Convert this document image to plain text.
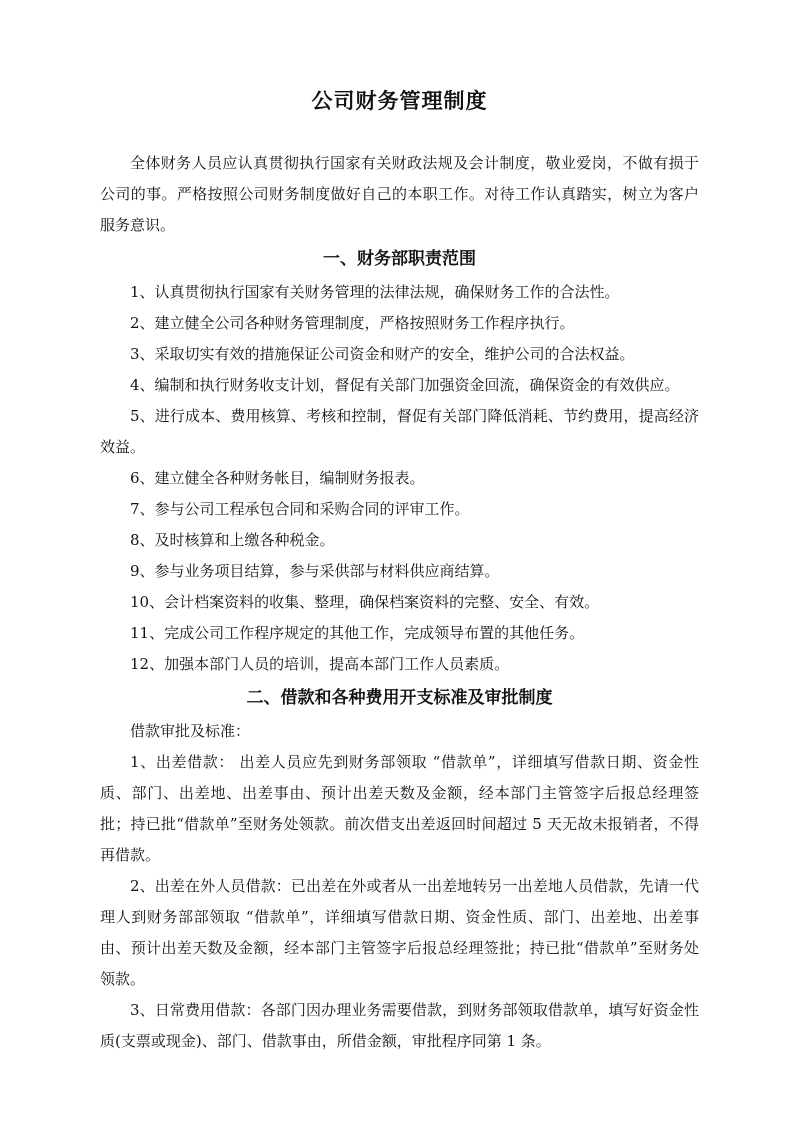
公司财务管理制度

全体财务人员应认真贯彻执行国家有关财政法规及会计制度，敬业爱岗，不做有损于公司的事。严格按照公司财务制度做好自己的本职工作。对待工作认真踏实，树立为客户服务意识。

一、财务部职责范围

1、认真贯彻执行国家有关财务管理的法律法规，确保财务工作的合法性。

2、建立健全公司各种财务管理制度，严格按照财务工作程序执行。

3、采取切实有效的措施保证公司资金和财产的安全，维护公司的合法权益。

4、编制和执行财务收支计划，督促有关部门加强资金回流，确保资金的有效供应。

5、进行成本、费用核算、考核和控制，督促有关部门降低消耗、节约费用，提高经济效益。

6、建立健全各种财务帐目，编制财务报表。

7、参与公司工程承包合同和采购合同的评审工作。

8、及时核算和上缴各种税金。

9、参与业务项目结算，参与采供部与材料供应商结算。

10、会计档案资料的收集、整理，确保档案资料的完整、安全、有效。

11、完成公司工作程序规定的其他工作，完成领导布置的其他任务。

12、加强本部门人员的培训，提高本部门工作人员素质。

二、借款和各种费用开支标准及审批制度

借款审批及标准：

1、出差借款： 出差人员应先到财务部领取 “借款单”，详细填写借款日期、资金性质、部门、出差地、出差事由、预计出差天数及金额，经本部门主管签字后报总经理签批；持已批“借款单”至财务处领款。前次借支出差返回时间超过 5 天无故未报销者，不得再借款。

2、出差在外人员借款：已出差在外或者从一出差地转另一出差地人员借款，先请一代理人到财务部部领取 “借款单”，详细填写借款日期、资金性质、部门、出差地、出差事由、预计出差天数及金额，经本部门主管签字后报总经理签批；持已批“借款单”至财务处领款。

3、日常费用借款：各部门因办理业务需要借款，到财务部领取借款单，填写好资金性质(支票或现金)、部门、借款事由，所借金额，审批程序同第 1 条。
